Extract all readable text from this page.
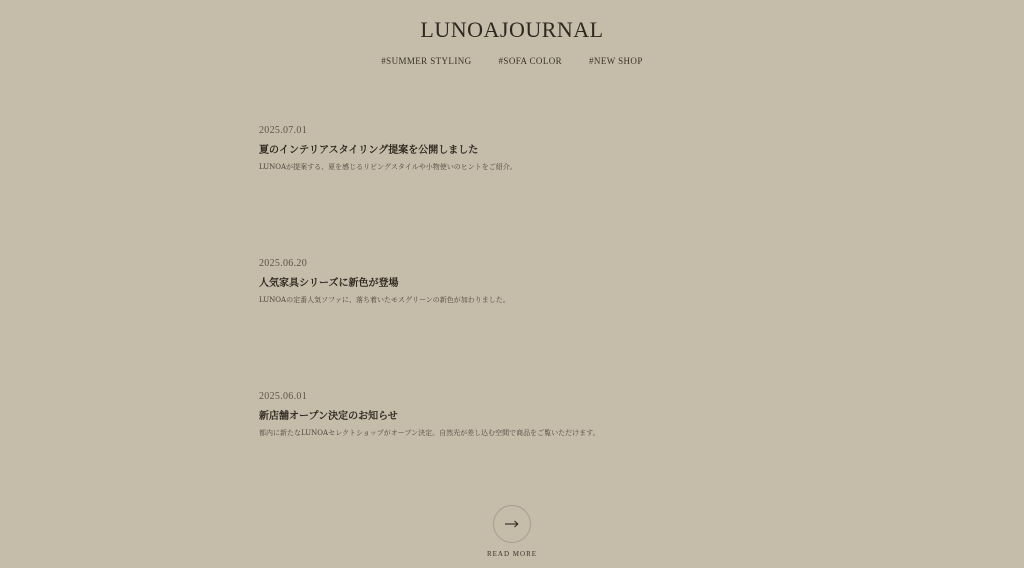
LUNOAJOURNAL
#SUMMER STYLING	#SOFA COLOR	#NEW SHOP
2025.07.01
夏のインテリアスタイリング提案を公開しました
LUNOAが提案する、夏を感じるリビングスタイルや小物使いのヒントをご紹介。
2025.06.20
人気家具シリーズに新色が登場
LUNOAの定番人気ソファに、落ち着いたモスグリーンの新色が加わりました。
2025.06.01
新店舗オープン決定のお知らせ
都内に新たなLUNOAセレクトショップがオープン決定。自然光が差し込む空間で商品をご覧いただけます。
READ MORE
